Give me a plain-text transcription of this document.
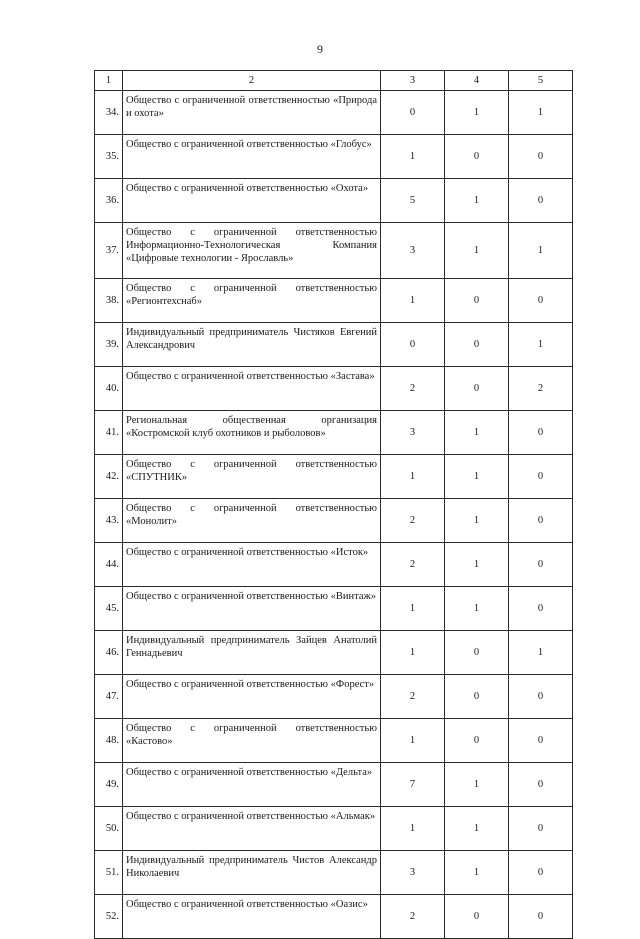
9
1	2	3	4	5
34.	Общество с ограниченной ответственностью «Природа и охота»	0	1	1
35.	Общество с ограниченной ответственностью «Глобус»	1	0	0
36.	Общество с ограниченной ответственностью «Охота»	5	1	0
37.	Общество с ограниченной ответственностью Информационно-Технологическая Компания «Цифровые технологии - Ярославль»	3	1	1
38.	Общество с ограниченной ответственностью «Регионтехснаб»	1	0	0
39.	Индивидуальный предприниматель Чистяков Евгений Александрович	0	0	1
40.	Общество с ограниченной ответственностью «Застава»	2	0	2
41.	Региональная общественная организация «Костромской клуб охотников и рыболовов»	3	1	0
42.	Общество с ограниченной ответственностью «СПУТНИК»	1	1	0
43.	Общество с ограниченной ответственностью «Монолит»	2	1	0
44.	Общество с ограниченной ответственностью «Исток»	2	1	0
45.	Общество с ограниченной ответственностью «Винтаж»	1	1	0
46.	Индивидуальный предприниматель Зайцев Анатолий Геннадьевич	1	0	1
47.	Общество с ограниченной ответственностью «Форест»	2	0	0
48.	Общество с ограниченной ответственностью «Кастово»	1	0	0
49.	Общество с ограниченной ответственностью «Дельта»	7	1	0
50.	Общество с ограниченной ответственностью «Альмак»	1	1	0
51.	Индивидуальный предприниматель Чистов Александр Николаевич	3	1	0
52.	Общество с ограниченной ответственностью «Оазис»	2	0	0
